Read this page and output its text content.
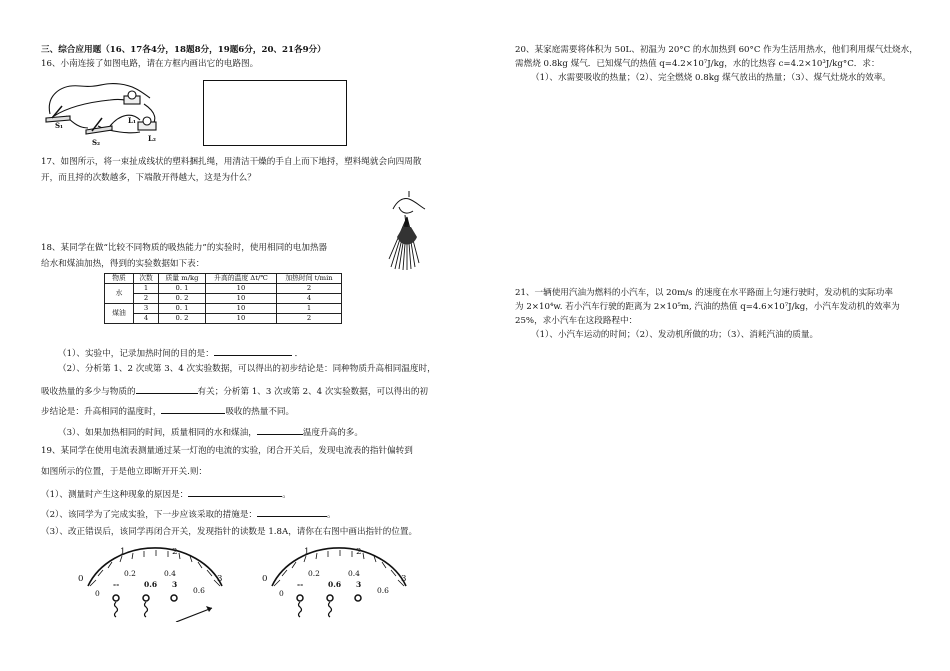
三、综合应用题（16、17各4分，18题8分，19题6分，20、21各9分）
16、小南连接了如图电路，请在方框内画出它的电路图。
S₁
S₂
L₁
L₂
17、如图所示，将一束扯成线状的塑料捆扎绳，用清洁干燥的手自上而下地捋，塑料绳就会向四周散
开，而且捋的次数越多，下端散开得越大，这是为什么？
18、某同学在做“比较不同物质的吸热能力”的实验时，使用相同的电加热器
给水和煤油加热，得到的实验数据如下表：
物质	次数	质量 m/kg	升高的温度 Δt/℃	加热时间 t/min
水	1	0. 1	10	2
	2	0. 2	10	4
煤油	3	0. 1	10	1
	4	0. 2	10	2
（1）、实验中，记录加热时间的目的是：	．
（2）、分析第 1、2 次或第 3、4 次实验数据，可以得出的初步结论是：同种物质升高相同温度时，
吸收热量的多少与物质的	有关；分析第 1、3 次或第 2、4 次实验数据，可以得出的初
步结论是：升高相同的温度时，	吸收的热量不同。
（3）、如果加热相同的时间，质量相同的水和煤油，	温度升高的多。
19、某同学在使用电流表测量通过某一灯泡的电流的实验，闭合开关后，发现电流表的指针偏转到
如图所示的位置，于是他立即断开开关.则：
（1）、测量时产生这种现象的原因是：	。
（2）、该同学为了完成实验，下一步应该采取的措施是：	。
（3）、改正错误后，该同学再闭合开关，发现指针的读数是 1.8A，请你在右图中画出指针的位置。
0
1	2
3
0
0.2	0.4
0.6
--	0.6 3
0
1	2
3
0
0.2	0.4
0.6
--	0.6 3
20、某家庭需要将体积为 50L、初温为 20°C 的水加热到 60°C 作为生活用热水，他们利用煤气灶烧水，
需燃烧 0.8kg 煤气．已知煤气的热值 q=4.2×10⁷J/kg，水的比热容 c=4.2×10³J/kg°C．求：
（1）、水需要吸收的热量；（2）、完全燃烧 0.8kg 煤气放出的热量；（3）、煤气灶烧水的效率。
21、一辆使用汽油为燃料的小汽车，以 20m/s 的速度在水平路面上匀速行驶时，发动机的实际功率
为 2×10⁴w. 若小汽车行驶的距离为 2×10⁵m, 汽油的热值 q=4.6×10⁷J/kg，小汽车发动机的效率为
25%，求小汽车在这段路程中：
（1）、小汽车运动的时间；（2）、发动机所做的功；（3）、消耗汽油的质量。
